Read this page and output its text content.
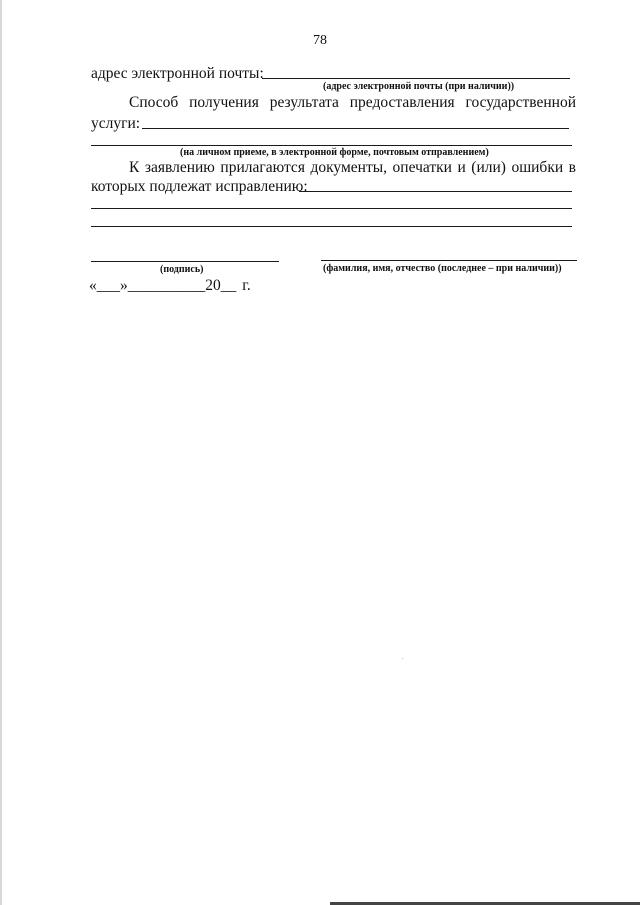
78
адрес электронной почты:
(адрес электронной почты (при наличии))
Способ получения результата предоставления государственной
услуги:
(на личном приеме, в электронной форме, почтовым отправлением)
К заявлению прилагаются документы, опечатки и (или) ошибки в
которых подлежат исправлению:
(подпись)	(фамилия, имя, отчество (последнее – при наличии))
«___»__________20__ г.
